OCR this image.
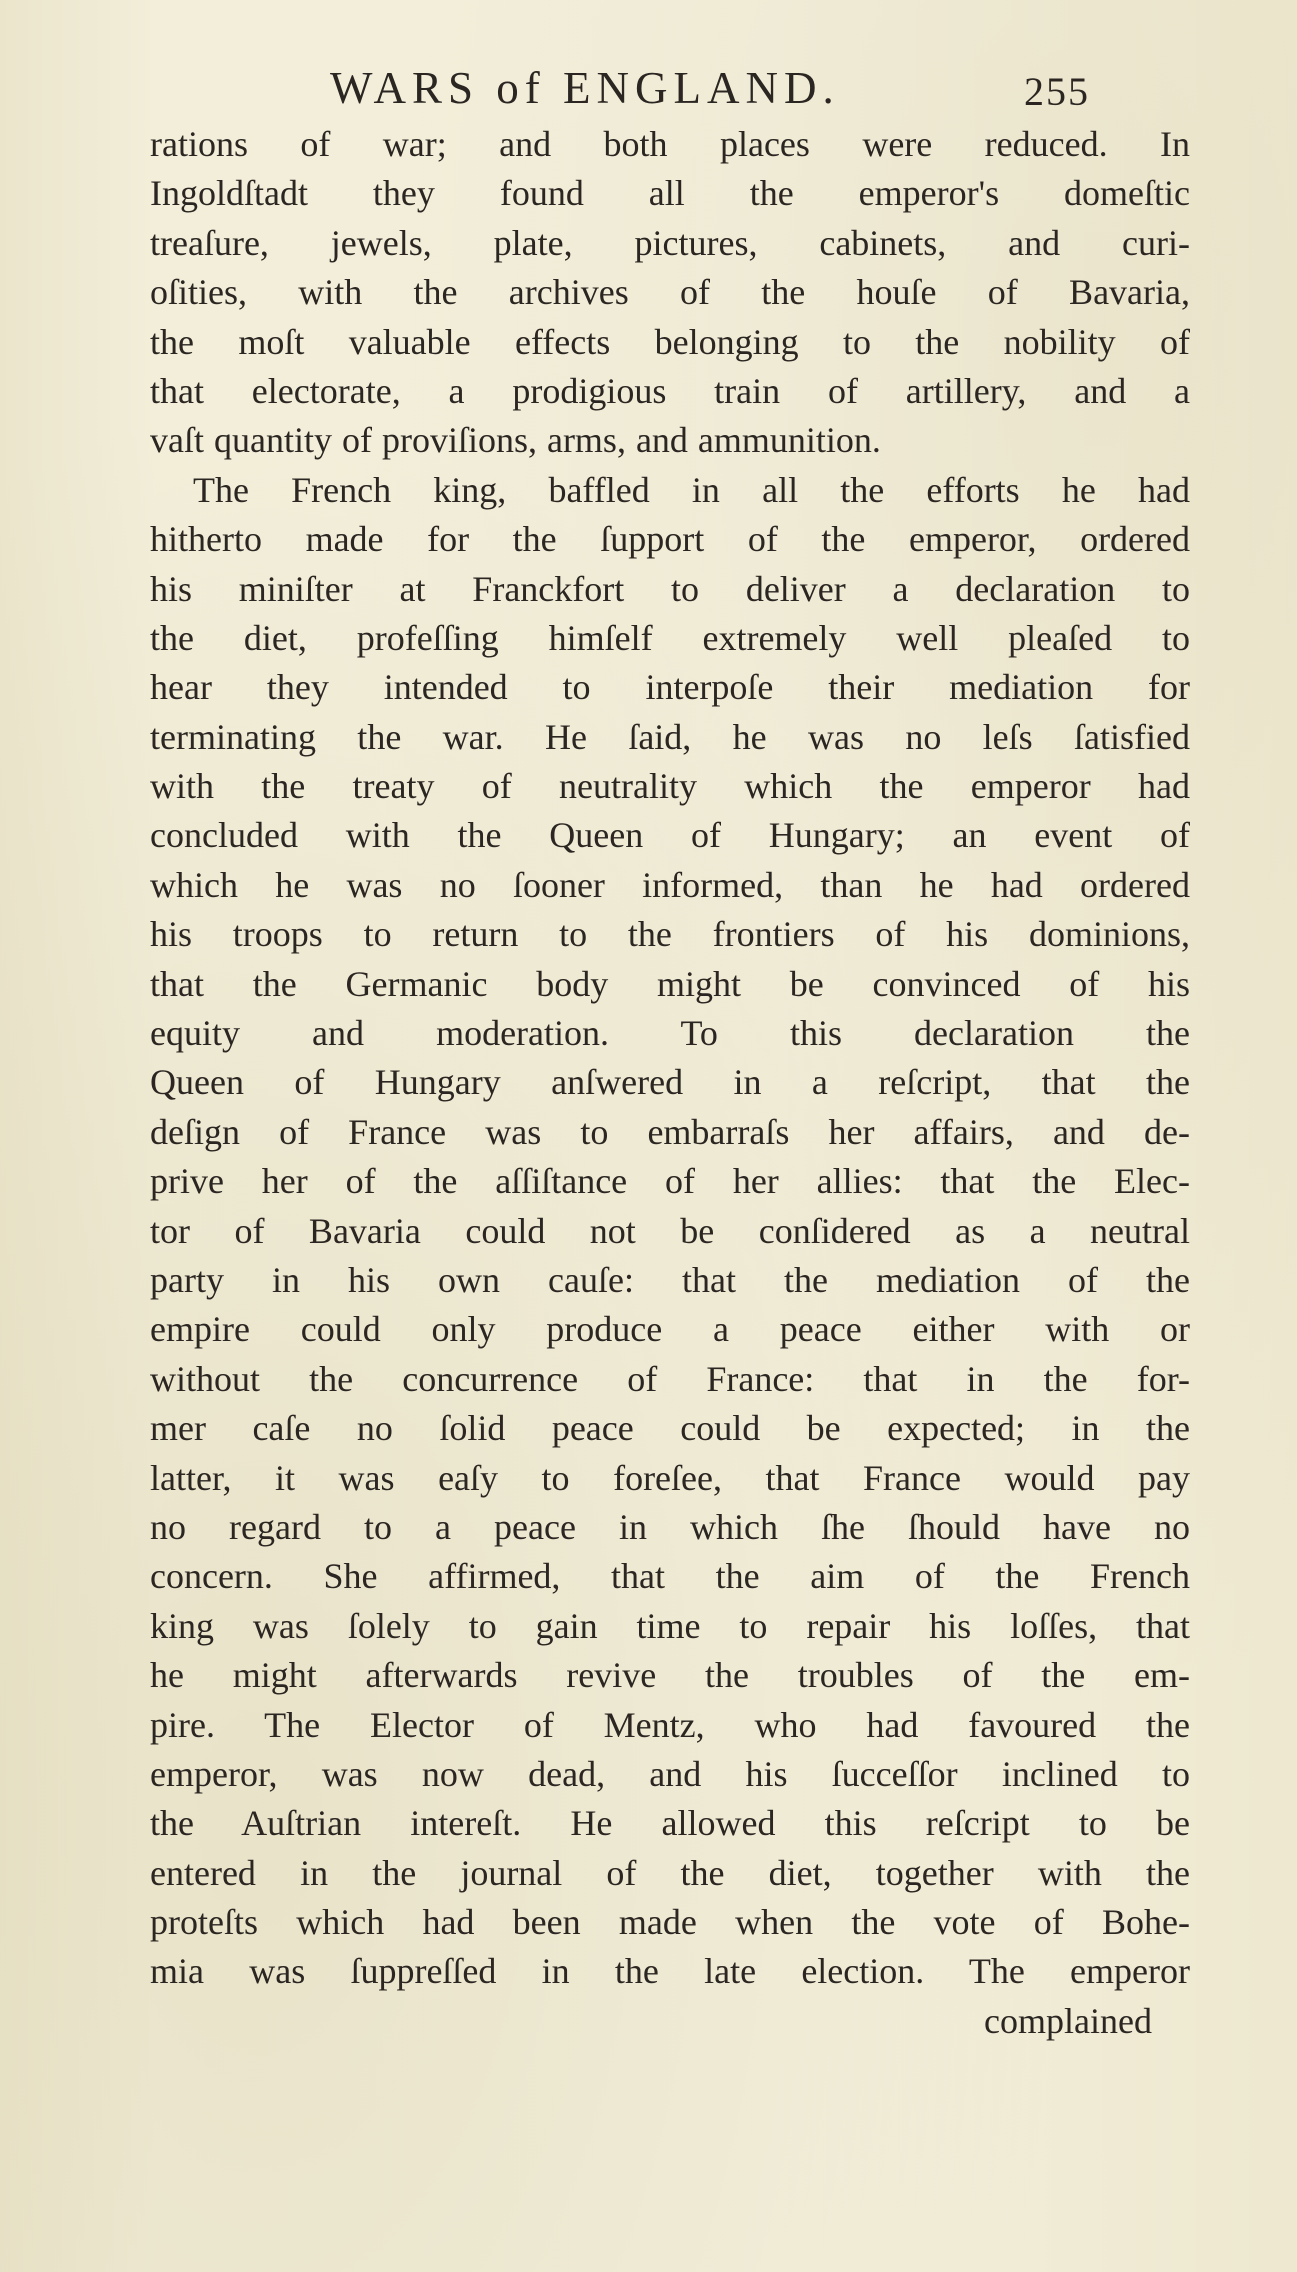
WARS of ENGLAND.	255
rations of war; and both places were reduced. In
Ingoldſtadt they found all the emperor's domeſtic
treaſure, jewels, plate, pictures, cabinets, and curi-
oſities, with the archives of the houſe of Bavaria,
the moſt valuable effects belonging to the nobility of
that electorate, a prodigious train of artillery, and a
vaſt quantity of proviſions, arms, and ammunition.
The French king, baffled in all the efforts he had
hitherto made for the ſupport of the emperor, ordered
his miniſter at Franckfort to deliver a declaration to
the diet, profeſſing himſelf extremely well pleaſed to
hear they intended to interpoſe their mediation for
terminating the war. He ſaid, he was no leſs ſatisfied
with the treaty of neutrality which the emperor had
concluded with the Queen of Hungary; an event of
which he was no ſooner informed, than he had ordered
his troops to return to the frontiers of his dominions,
that the Germanic body might be convinced of his
equity and moderation. To this declaration the
Queen of Hungary anſwered in a reſcript, that the
deſign of France was to embarraſs her affairs, and de-
prive her of the aſſiſtance of her allies: that the Elec-
tor of Bavaria could not be conſidered as a neutral
party in his own cauſe: that the mediation of the
empire could only produce a peace either with or
without the concurrence of France: that in the for-
mer caſe no ſolid peace could be expected; in the
latter, it was eaſy to foreſee, that France would pay
no regard to a peace in which ſhe ſhould have no
concern. She affirmed, that the aim of the French
king was ſolely to gain time to repair his loſſes, that
he might afterwards revive the troubles of the em-
pire. The Elector of Mentz, who had favoured the
emperor, was now dead, and his ſucceſſor inclined to
the Auſtrian intereſt. He allowed this reſcript to be
entered in the journal of the diet, together with the
proteſts which had been made when the vote of Bohe-
mia was ſuppreſſed in the late election. The emperor
complained
